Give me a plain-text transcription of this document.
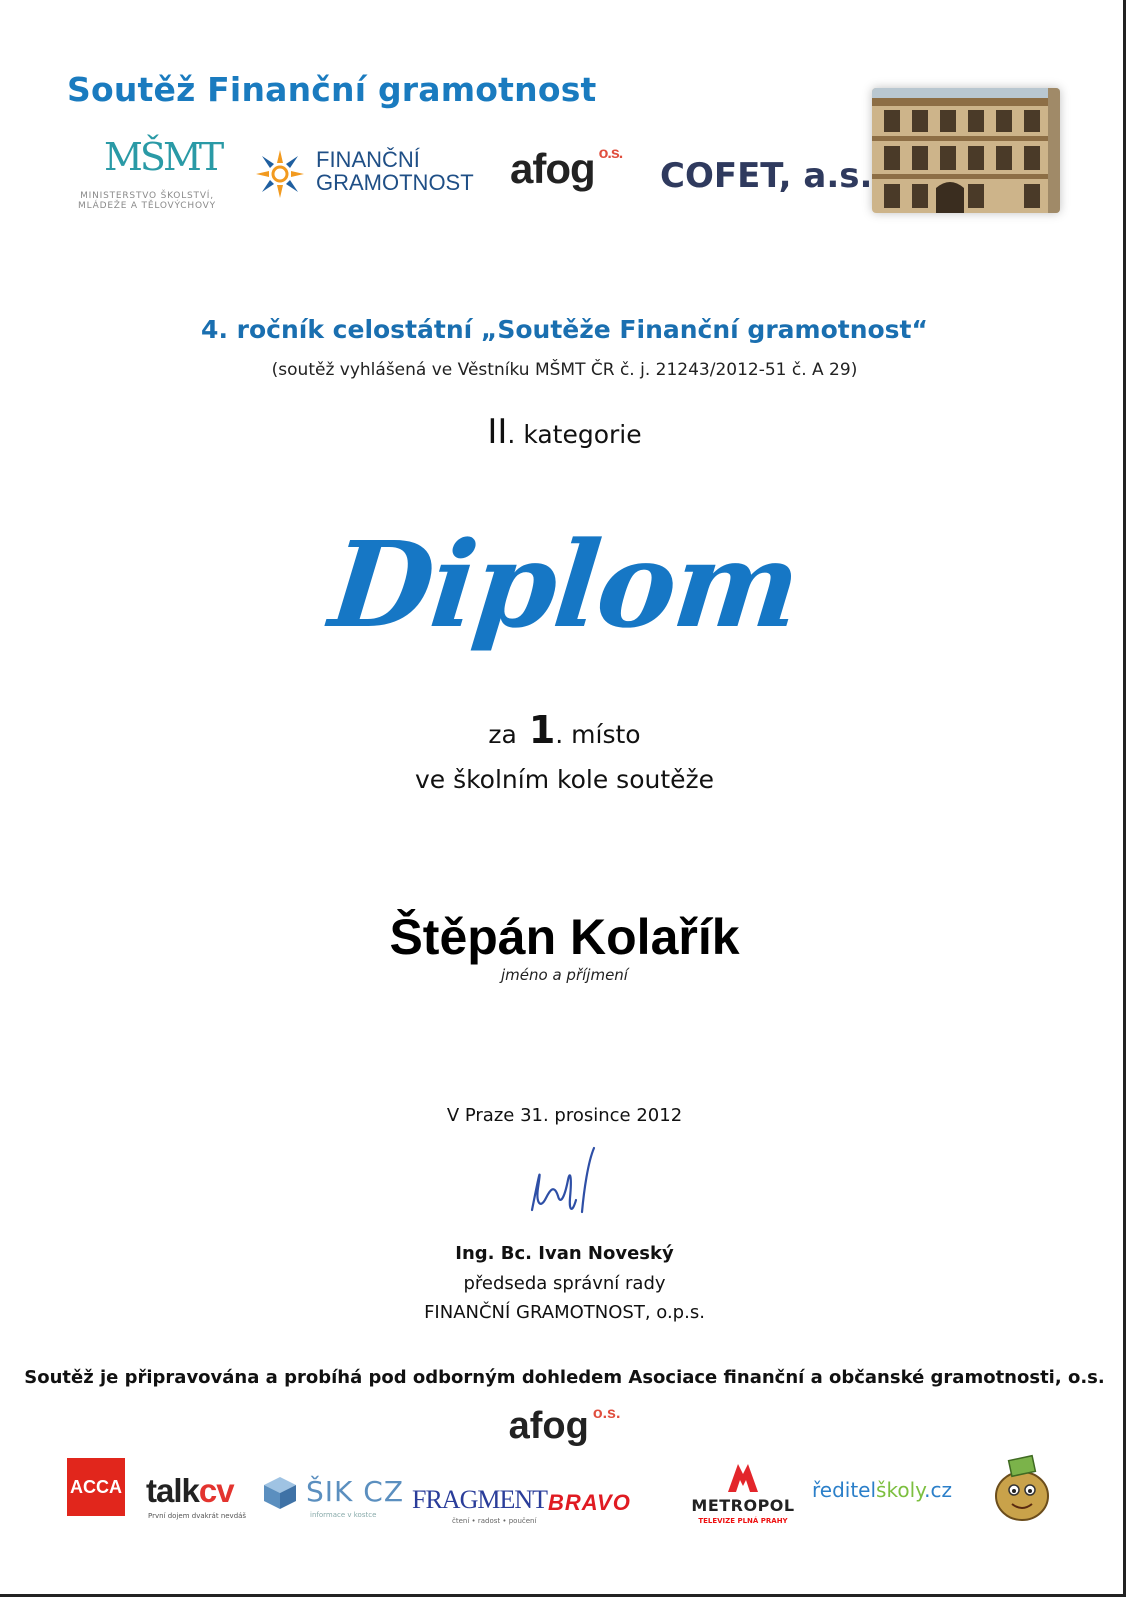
Soutěž Finanční gramotnost
MŠMT
MINISTERSTVO ŠKOLSTVÍ,
MLÁDEŽE A TĚLOVÝCHOVY
FINANČNÍ
GRAMOTNOST afog $^{o.s.}$
COFET, a.s.
4. ročník celostátní „Soutěže Finanční gramotnost“
(soutěž vyhlášená ve Věstníku MŠMT ČR č. j. 21243/2012-51 č. A 29)
II. kategorie
Diplom
za 1. místo
ve školním kole soutěže
Štěpán Kolařík
jméno a příjmení
V Praze 31. prosince 2012
Ing. Bc. Ivan Noveský
předseda správní rady
FINANČNÍ GRAMOTNOST, o.p.s.
Soutěž je připravována a probíhá pod odborným dohledem Asociace finanční a občanské gramotnosti, o.s.
afog $^{o.s.}$
ACCA talkcv
První dojem dvakrát nevdáš
ŠIK CZ
informace v kostce
FRAGMENT
čtení • radost • poučení
BRAVO	METROPOL
TELEVIZE PLNÁ PRAHY
ředitelškoly.cz
